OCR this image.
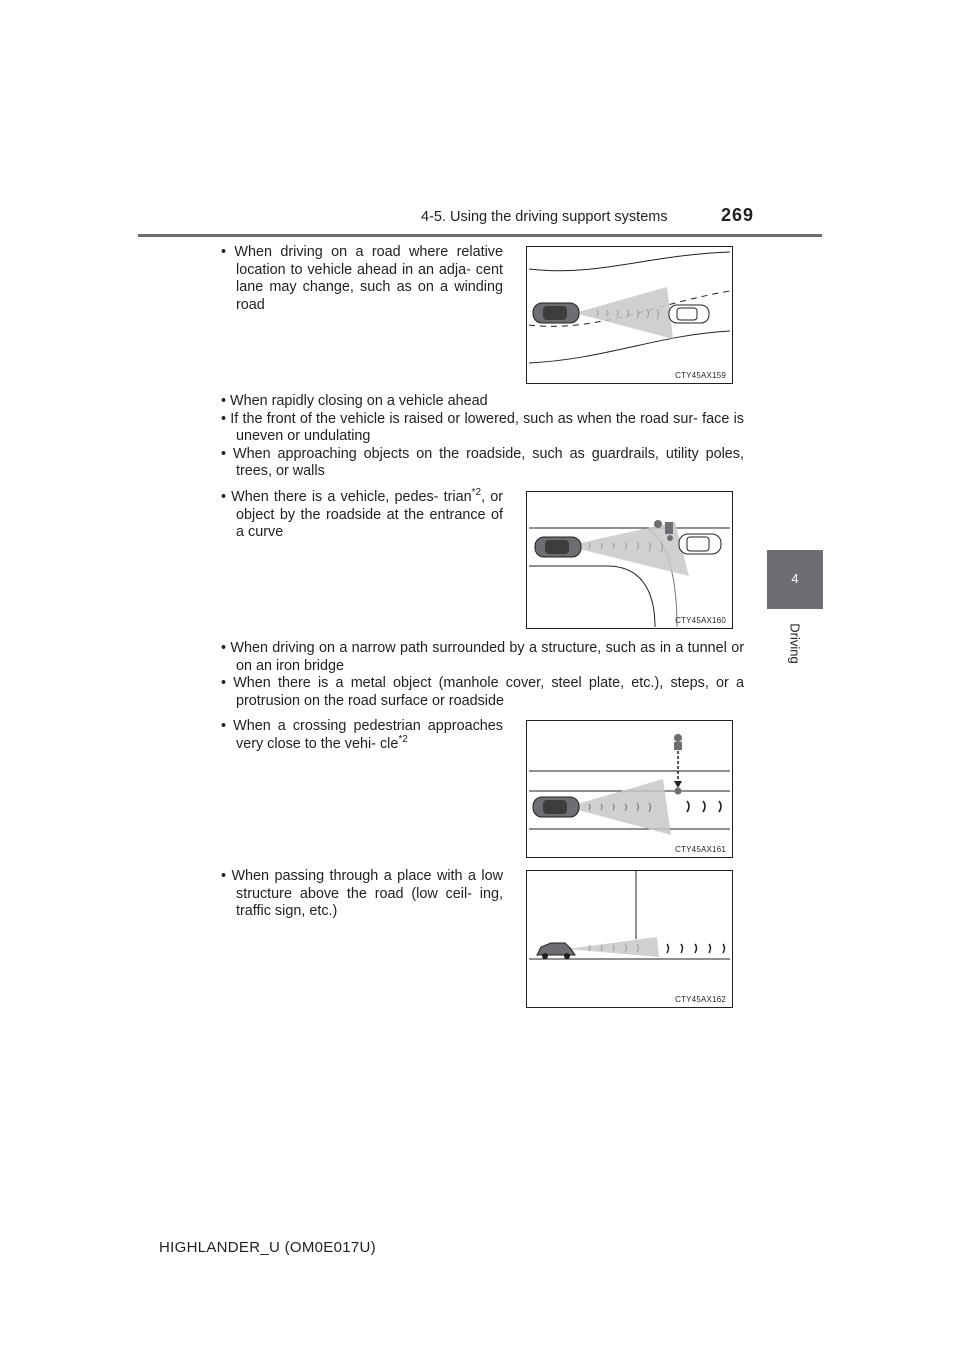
4-5. Using the driving support systems	269
4
Driving
• When driving on a road where relative location to vehicle ahead in an adja- cent lane may change, such as on a winding road
CTY45AX159
• When rapidly closing on a vehicle ahead
• If the front of the vehicle is raised or lowered, such as when the road sur- face is uneven or undulating
• When approaching objects on the roadside, such as guardrails, utility poles, trees, or walls
• When there is a vehicle, pedes- trian$^{*2}$, or object by the roadside at the entrance of a curve
CTY45AX160
• When driving on a narrow path surrounded by a structure, such as in a tunnel or on an iron bridge
• When there is a metal object (manhole cover, steel plate, etc.), steps, or a protrusion on the road surface or roadside
• When a crossing pedestrian approaches very close to the vehi- cle$^{*2}$
CTY45AX161
• When passing through a place with a low structure above the road (low ceil- ing, traffic sign, etc.)
CTY45AX162
HIGHLANDER_U (OM0E017U)
